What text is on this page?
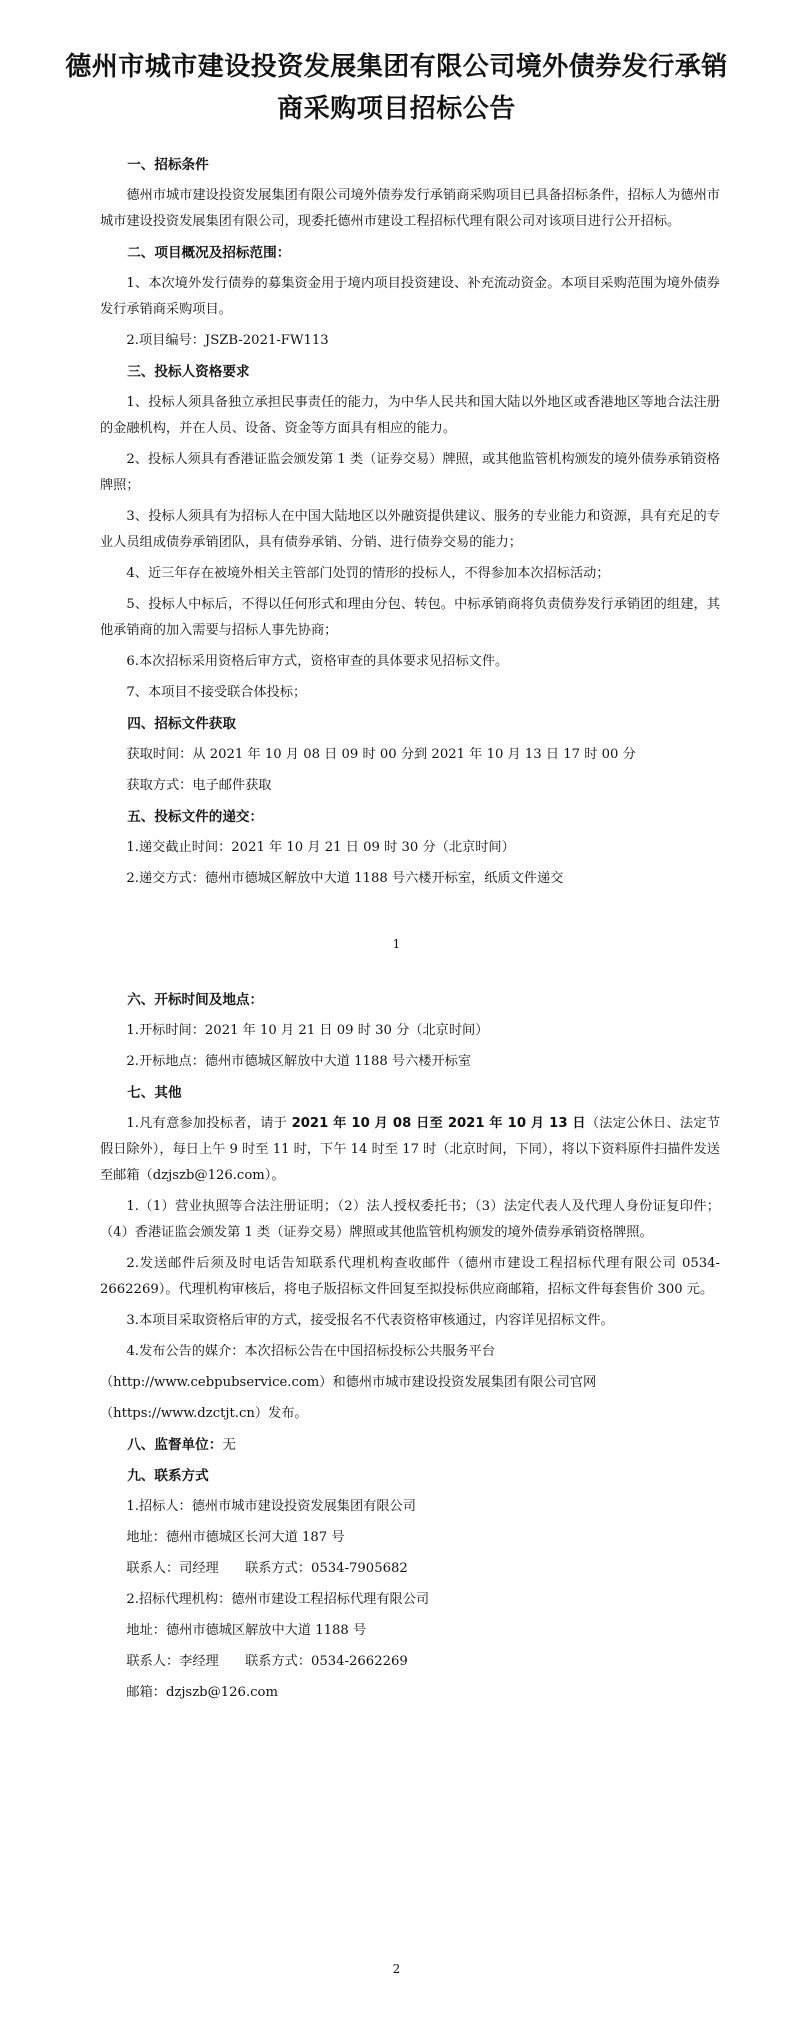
德州市城市建设投资发展集团有限公司境外债券发行承销商采购项目招标公告
一、招标条件
德州市城市建设投资发展集团有限公司境外债券发行承销商采购项目已具备招标条件，招标人为德州市城市建设投资发展集团有限公司，现委托德州市建设工程招标代理有限公司对该项目进行公开招标。
二、项目概况及招标范围：
1、本次境外发行债券的募集资金用于境内项目投资建设、补充流动资金。本项目采购范围为境外债券发行承销商采购项目。
2.项目编号：JSZB-2021-FW113
三、投标人资格要求
1、投标人须具备独立承担民事责任的能力，为中华人民共和国大陆以外地区或香港地区等地合法注册的金融机构，并在人员、设备、资金等方面具有相应的能力。
2、投标人须具有香港证监会颁发第 1 类（证券交易）牌照，或其他监管机构颁发的境外债券承销资格牌照；
3、投标人须具有为招标人在中国大陆地区以外融资提供建议、服务的专业能力和资源，具有充足的专业人员组成债券承销团队，具有债券承销、分销、进行债券交易的能力；
4、近三年存在被境外相关主管部门处罚的情形的投标人，不得参加本次招标活动；
5、投标人中标后，不得以任何形式和理由分包、转包。中标承销商将负责债券发行承销团的组建，其他承销商的加入需要与招标人事先协商；
6.本次招标采用资格后审方式，资格审查的具体要求见招标文件。
7、本项目不接受联合体投标；
四、招标文件获取
获取时间：从 2021 年 10 月 08 日 09 时 00 分到 2021 年 10 月 13 日 17 时 00 分
获取方式：电子邮件获取
五、投标文件的递交：
1.递交截止时间：2021 年 10 月 21 日 09 时 30 分（北京时间）
2.递交方式：德州市德城区解放中大道 1188 号六楼开标室，纸质文件递交
1
六、开标时间及地点：
1.开标时间：2021 年 10 月 21 日 09 时 30 分（北京时间）
2.开标地点：德州市德城区解放中大道 1188 号六楼开标室
七、其他
1.凡有意参加投标者，请于 2021 年 10 月 08 日至 2021 年 10 月 13 日（法定公休日、法定节假日除外），每日上午 9 时至 11 时，下午 14 时至 17 时（北京时间，下同），将以下资料原件扫描件发送至邮箱（dzjszb@126.com）。
1.（1）营业执照等合法注册证明；（2）法人授权委托书；（3）法定代表人及代理人身份证复印件；（4）香港证监会颁发第 1 类（证券交易）牌照或其他监管机构颁发的境外债券承销资格牌照。
2.发送邮件后须及时电话告知联系代理机构查收邮件（德州市建设工程招标代理有限公司 0534-2662269）。代理机构审核后，将电子版招标文件回复至拟投标供应商邮箱，招标文件每套售价 300 元。
3.本项目采取资格后审的方式，接受报名不代表资格审核通过，内容详见招标文件。
4.发布公告的媒介：本次招标公告在中国招标投标公共服务平台
（http://www.cebpubservice.com）和德州市城市建设投资发展集团有限公司官网
（https://www.dzctjt.cn）发布。
八、监督单位：无
九、联系方式
1.招标人：德州市城市建设投资发展集团有限公司
地址：德州市德城区长河大道 187 号
联系人：司经理　　联系方式：0534-7905682
2.招标代理机构：德州市建设工程招标代理有限公司
地址：德州市德城区解放中大道 1188 号
联系人：李经理　　联系方式：0534-2662269
邮箱：dzjszb@126.com
2
